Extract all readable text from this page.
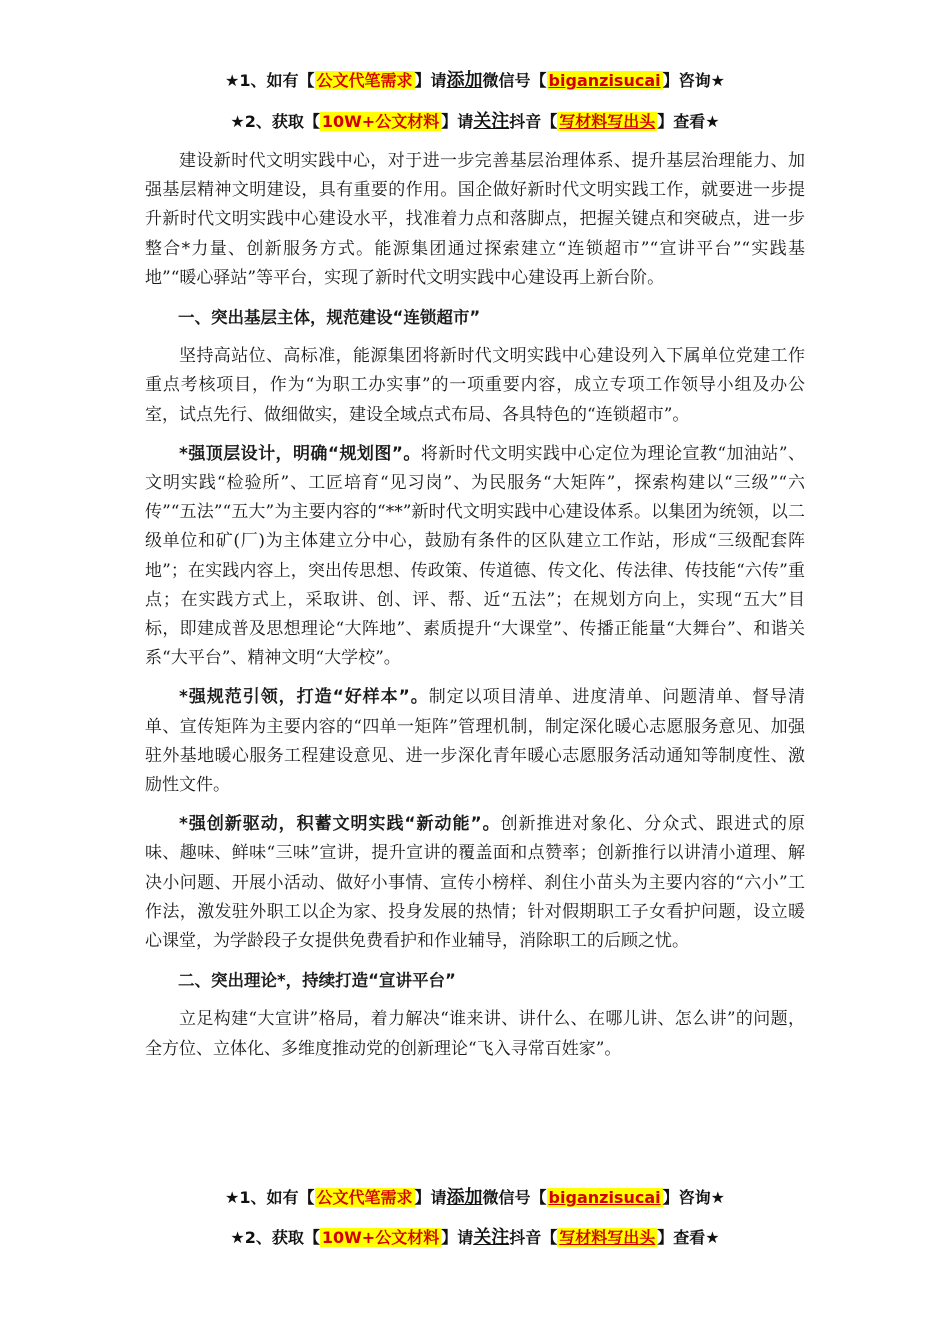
★1、如有【 公文代笔需求 】请添加微信号【 biganzisucai 】咨询★
★2、获取【 10W+公文材料 】请关注抖音【 写材料写出头 】查看★

建设新时代文明实践中心，对于进一步完善基层治理体系、提升基层治理能力、加强基层精神文明建设，具有重要的作用。国企做好新时代文明实践工作，就要进一步提升新时代文明实践中心建设水平，找准着力点和落脚点，把握关键点和突破点，进一步整合*力量、创新服务方式。能源集团通过探索建立“连锁超市”“宣讲平台”“实践基地”“暖心驿站”等平台，实现了新时代文明实践中心建设再上新台阶。

一、突出基层主体，规范建设“连锁超市”

坚持高站位、高标准，能源集团将新时代文明实践中心建设列入下属单位党建工作重点考核项目，作为“为职工办实事”的一项重要内容，成立专项工作领导小组及办公室，试点先行、做细做实，建设全域点式布局、各具特色的“连锁超市”。

*强顶层设计，明确“规划图”。将新时代文明实践中心定位为理论宣教“加油站”、文明实践“检验所”、工匠培育“见习岗”、为民服务“大矩阵”，探索构建以“三级”“六传”“五法”“五大”为主要内容的“**”新时代文明实践中心建设体系。以集团为统领，以二级单位和矿(厂)为主体建立分中心，鼓励有条件的区队建立工作站，形成“三级配套阵地”；在实践内容上，突出传思想、传政策、传道德、传文化、传法律、传技能“六传”重点；在实践方式上，采取讲、创、评、帮、近“五法”；在规划方向上，实现“五大”目标，即建成普及思想理论“大阵地”、素质提升“大课堂”、传播正能量“大舞台”、和谐关系“大平台”、精神文明“大学校”。

*强规范引领，打造“好样本”。制定以项目清单、进度清单、问题清单、督导清单、宣传矩阵为主要内容的“四单一矩阵”管理机制，制定深化暖心志愿服务意见、加强驻外基地暖心服务工程建设意见、进一步深化青年暖心志愿服务活动通知等制度性、激励性文件。

*强创新驱动，积蓄文明实践“新动能”。创新推进对象化、分众式、跟进式的原味、趣味、鲜味“三味”宣讲，提升宣讲的覆盖面和点赞率；创新推行以讲清小道理、解决小问题、开展小活动、做好小事情、宣传小榜样、刹住小苗头为主要内容的“六小”工作法，激发驻外职工以企为家、投身发展的热情；针对假期职工子女看护问题，设立暖心课堂，为学龄段子女提供免费看护和作业辅导，消除职工的后顾之忧。

二、突出理论*，持续打造“宣讲平台”

立足构建“大宣讲”格局，着力解决“谁来讲、讲什么、在哪儿讲、怎么讲”的问题，全方位、立体化、多维度推动党的创新理论“飞入寻常百姓家”。

★1、如有【 公文代笔需求 】请添加微信号【 biganzisucai 】咨询★
★2、获取【 10W+公文材料 】请关注抖音【 写材料写出头 】查看★
